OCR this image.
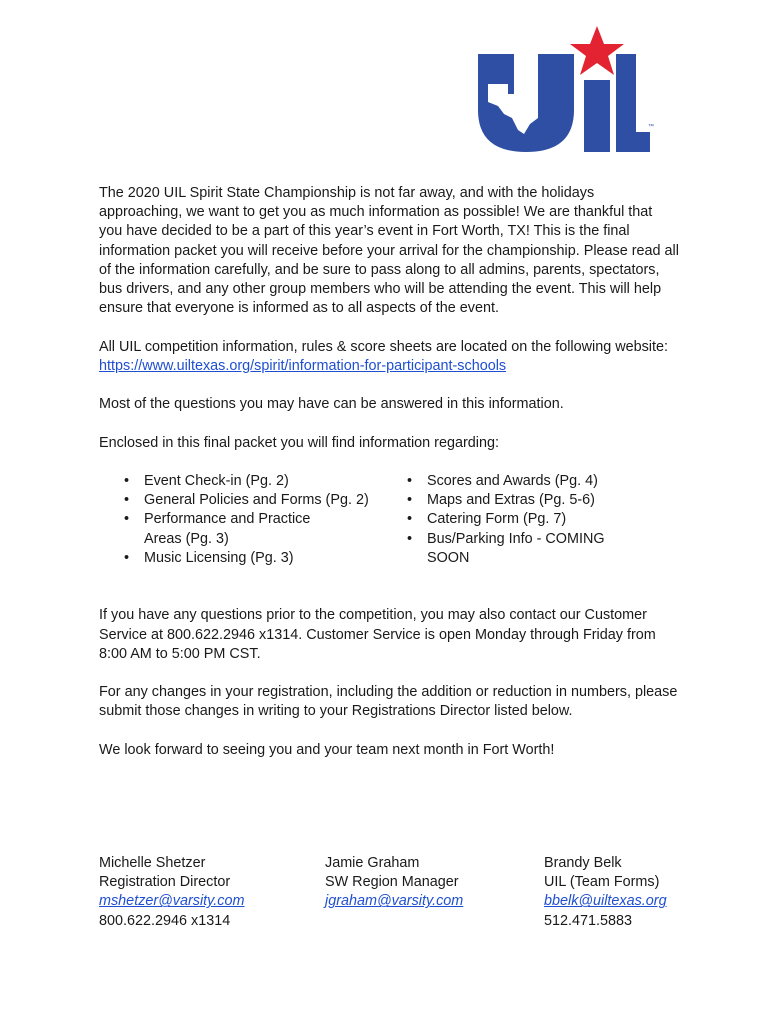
™

The 2020 UIL Spirit State Championship is not far away, and with the holidays approaching, we want to get you as much information as possible! We are thankful that you have decided to be a part of this year’s event in Fort Worth, TX! This is the final information packet you will receive before your arrival for the championship. Please read all of the information carefully, and be sure to pass along to all admins, parents, spectators, bus drivers, and any other group members who will be attending the event. This will help ensure that everyone is informed as to all aspects of the event.

All UIL competition information, rules & score sheets are located on the following website:

https://www.uiltexas.org/spirit/information-for-participant-schools

Most of the questions you may have can be answered in this information.

Enclosed in this final packet you will find information regarding:

• Event Check-in (Pg. 2)
• General Policies and Forms (Pg. 2)
• Performance and Practice Areas (Pg. 3)
• Music Licensing (Pg. 3)
• Scores and Awards (Pg. 4)
• Maps and Extras (Pg. 5-6)
• Catering Form (Pg. 7)
• Bus/Parking Info - COMING SOON

If you have any questions prior to the competition, you may also contact our Customer Service at 800.622.2946 x1314. Customer Service is open Monday through Friday from 8:00 AM to 5:00 PM CST.

For any changes in your registration, including the addition or reduction in numbers, please submit those changes in writing to your Registrations Director listed below.

We look forward to seeing you and your team next month in Fort Worth!

Michelle Shetzer
Registration Director
mshetzer@varsity.com
800.622.2946 x1314
Jamie Graham
SW Region Manager
jgraham@varsity.com
Brandy Belk
UIL (Team Forms)
bbelk@uiltexas.org
512.471.5883
